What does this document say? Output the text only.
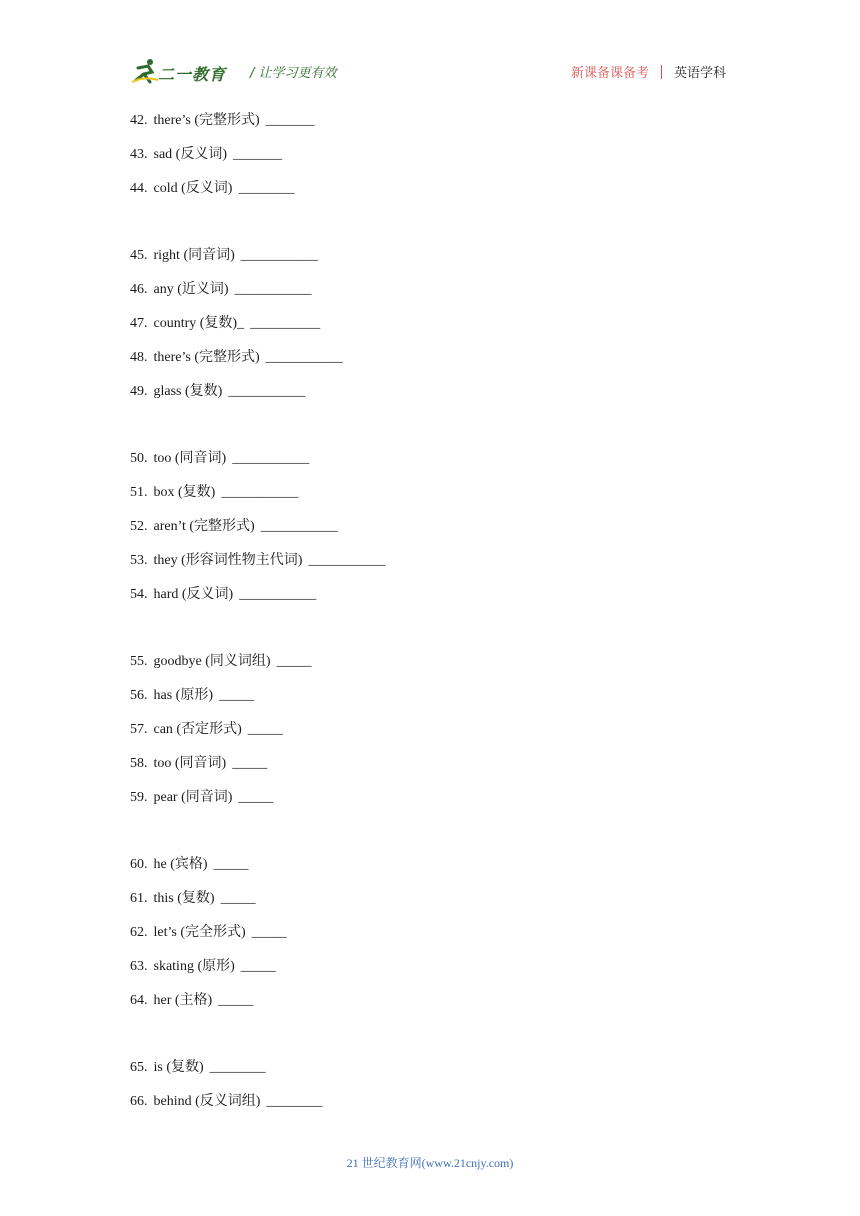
二一教育 / 让学习更有效	新课备课备考 英语学科
42. there’s (完整形式) _______
43. sad (反义词) _______
44. cold (反义词) ________
45. right (同音词) ___________
46. any (近义词) ___________
47. country (复数)_ __________
48. there’s (完整形式) ___________
49. glass (复数) ___________
50. too (同音词) ___________
51. box (复数) ___________
52. aren’t (完整形式) ___________
53. they (形容词性物主代词) ___________
54. hard (反义词) ___________
55. goodbye (同义词组) _____
56. has (原形) _____
57. can (否定形式) _____
58. too (同音词) _____
59. pear (同音词) _____
60. he (宾格) _____
61. this (复数) _____
62. let’s (完全形式) _____
63. skating (原形) _____
64. her (主格) _____
65. is (复数) ________
66. behind (反义词组) ________
21 世纪教育网(www.21cnjy.com)
